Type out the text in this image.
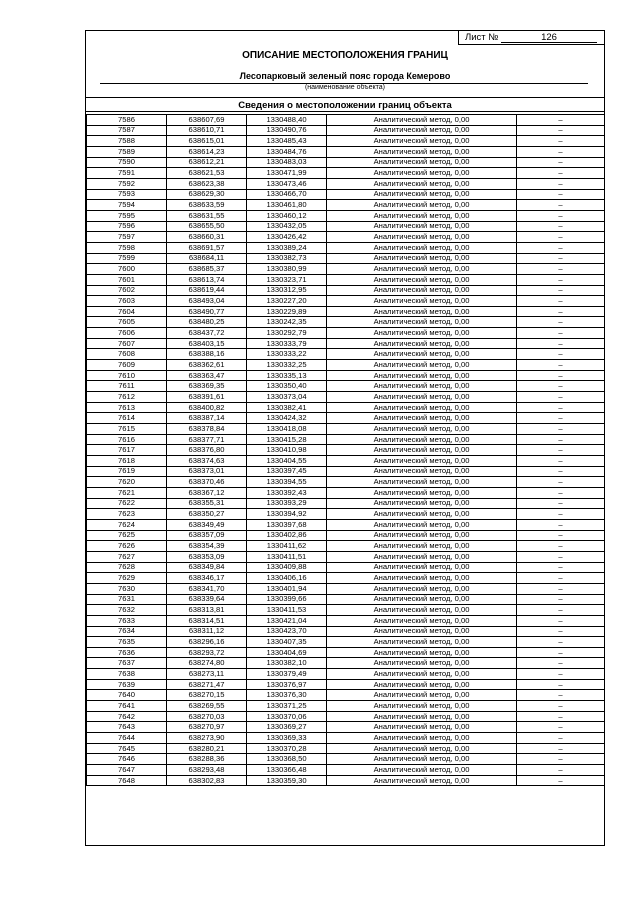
Лист №	126
ОПИСАНИЕ МЕСТОПОЛОЖЕНИЯ ГРАНИЦ
Лесопарковый зеленый пояс города Кемерово
(наименование объекта)
Сведения о местоположении границ объекта
7586	638607,69	1330488,40	Аналитический метод, 0,00	–
7587	638610,71	1330490,76	Аналитический метод, 0,00	–
7588	638615,01	1330485,43	Аналитический метод, 0,00	–
7589	638614,23	1330484,76	Аналитический метод, 0,00	–
7590	638612,21	1330483,03	Аналитический метод, 0,00	–
7591	638621,53	1330471,99	Аналитический метод, 0,00	–
7592	638623,38	1330473,46	Аналитический метод, 0,00	–
7593	638629,30	1330466,70	Аналитический метод, 0,00	–
7594	638633,59	1330461,80	Аналитический метод, 0,00	–
7595	638631,55	1330460,12	Аналитический метод, 0,00	–
7596	638655,50	1330432,05	Аналитический метод, 0,00	–
7597	638660,31	1330426,42	Аналитический метод, 0,00	–
7598	638691,57	1330389,24	Аналитический метод, 0,00	–
7599	638684,11	1330382,73	Аналитический метод, 0,00	–
7600	638685,37	1330380,99	Аналитический метод, 0,00	–
7601	638613,74	1330323,71	Аналитический метод, 0,00	–
7602	638619,44	1330312,95	Аналитический метод, 0,00	–
7603	638493,04	1330227,20	Аналитический метод, 0,00	–
7604	638490,77	1330229,89	Аналитический метод, 0,00	–
7605	638480,25	1330242,35	Аналитический метод, 0,00	–
7606	638437,72	1330292,79	Аналитический метод, 0,00	–
7607	638403,15	1330333,79	Аналитический метод, 0,00	–
7608	638388,16	1330333,22	Аналитический метод, 0,00	–
7609	638362,61	1330332,25	Аналитический метод, 0,00	–
7610	638363,47	1330335,13	Аналитический метод, 0,00	–
7611	638369,35	1330350,40	Аналитический метод, 0,00	–
7612	638391,61	1330373,04	Аналитический метод, 0,00	–
7613	638400,82	1330382,41	Аналитический метод, 0,00	–
7614	638387,14	1330424,32	Аналитический метод, 0,00	–
7615	638378,84	1330418,08	Аналитический метод, 0,00	–
7616	638377,71	1330415,28	Аналитический метод, 0,00	–
7617	638376,80	1330410,98	Аналитический метод, 0,00	–
7618	638374,63	1330404,55	Аналитический метод, 0,00	–
7619	638373,01	1330397,45	Аналитический метод, 0,00	–
7620	638370,46	1330394,55	Аналитический метод, 0,00	–
7621	638367,12	1330392,43	Аналитический метод, 0,00	–
7622	638355,31	1330393,29	Аналитический метод, 0,00	–
7623	638350,27	1330394,92	Аналитический метод, 0,00	–
7624	638349,49	1330397,68	Аналитический метод, 0,00	–
7625	638357,09	1330402,86	Аналитический метод, 0,00	–
7626	638354,39	1330411,62	Аналитический метод, 0,00	–
7627	638353,09	1330411,51	Аналитический метод, 0,00	–
7628	638349,84	1330409,88	Аналитический метод, 0,00	–
7629	638346,17	1330406,16	Аналитический метод, 0,00	–
7630	638341,70	1330401,94	Аналитический метод, 0,00	–
7631	638339,64	1330399,66	Аналитический метод, 0,00	–
7632	638313,81	1330411,53	Аналитический метод, 0,00	–
7633	638314,51	1330421,04	Аналитический метод, 0,00	–
7634	638311,12	1330423,70	Аналитический метод, 0,00	–
7635	638296,16	1330407,35	Аналитический метод, 0,00	–
7636	638293,72	1330404,69	Аналитический метод, 0,00	–
7637	638274,80	1330382,10	Аналитический метод, 0,00	–
7638	638273,11	1330379,49	Аналитический метод, 0,00	–
7639	638271,47	1330376,97	Аналитический метод, 0,00	–
7640	638270,15	1330376,30	Аналитический метод, 0,00	–
7641	638269,55	1330371,25	Аналитический метод, 0,00	–
7642	638270,03	1330370,06	Аналитический метод, 0,00	–
7643	638270,97	1330369,27	Аналитический метод, 0,00	–
7644	638273,90	1330369,33	Аналитический метод, 0,00	–
7645	638280,21	1330370,28	Аналитический метод, 0,00	–
7646	638288,36	1330368,50	Аналитический метод, 0,00	–
7647	638293,48	1330366,48	Аналитический метод, 0,00	–
7648	638302,83	1330359,30	Аналитический метод, 0,00	–
